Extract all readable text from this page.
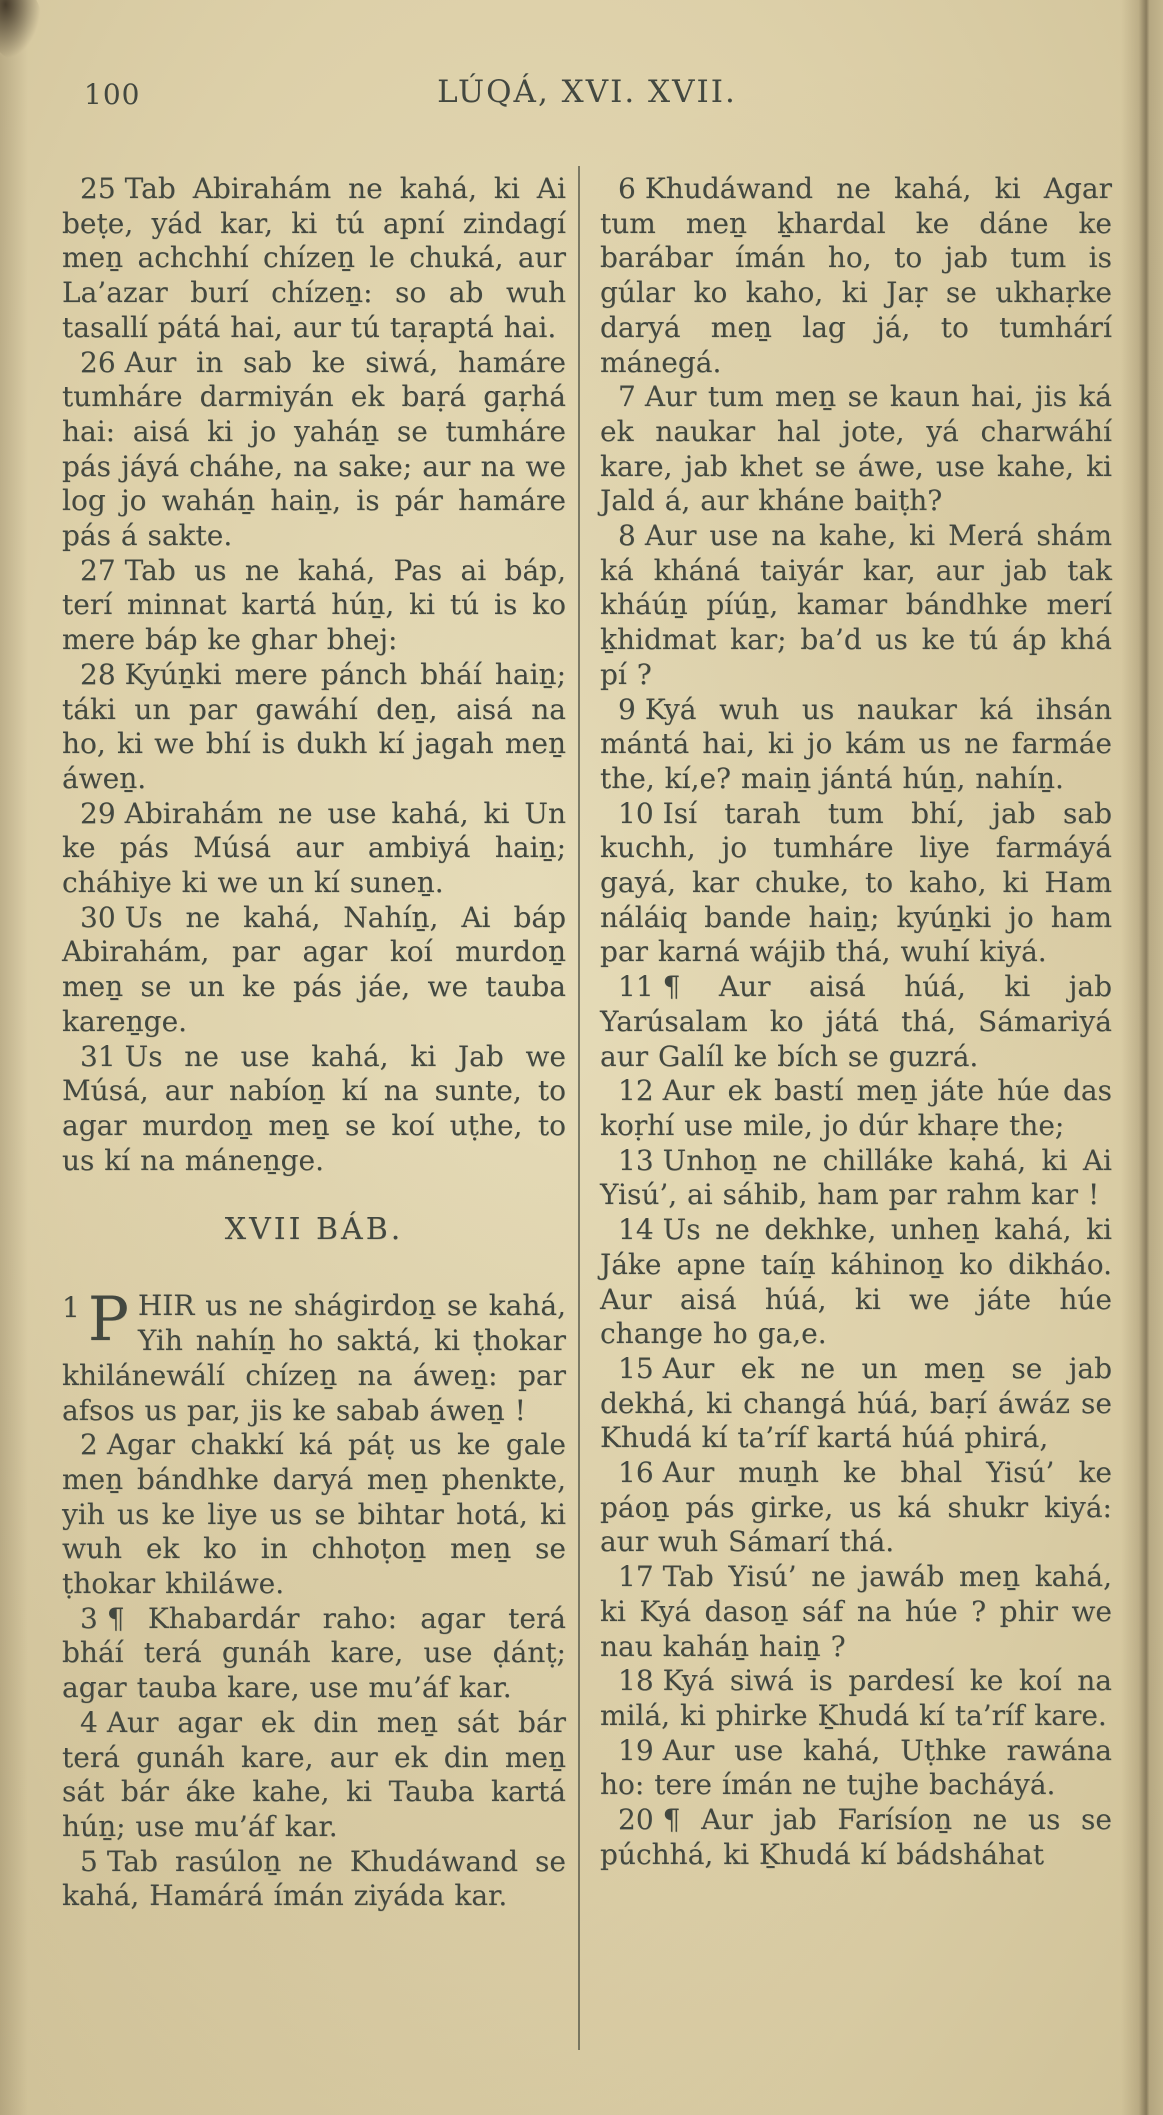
100	LÚQÁ, XVI. XVII.

25 Tab Abirahám ne kahá, ki Ai beṭe, yád kar, ki tú apní zindagí meṉ achchhí chízeṉ le chuká, aur La’azar burí chízeṉ: so ab wuh tasallí pátá hai, aur tú taṛaptá hai.

26 Aur in sab ke siwá, hamáre tumháre darmiyán ek baṛá gaṛhá hai: aisá ki jo yaháṉ se tumháre pás jáyá cháhe, na sake; aur na we log jo waháṉ haiṉ, is pár hamáre pás á sakte.

27 Tab us ne kahá, Pas ai báp, terí minnat kartá húṉ, ki tú is ko mere báp ke ghar bhej:

28 Kyúṉki mere pánch bháí haiṉ; táki un par gawáhí deṉ, aisá na ho, ki we bhí is dukh kí jagah meṉ áweṉ.

29 Abirahám ne use kahá, ki Un ke pás Músá aur ambiyá haiṉ; cháhiye ki we un kí suneṉ.

30 Us ne kahá, Nahíṉ, Ai báp Abirahám, par agar koí murdoṉ meṉ se un ke pás jáe, we tauba kareṉge.

31 Us ne use kahá, ki Jab we Músá, aur nabíoṉ kí na sunte, to agar murdoṉ meṉ se koí uṭhe, to us kí na máneṉge.

XVII BÁB.

1 P HIR us ne shágirdoṉ se kahá, Yih nahíṉ ho saktá, ki ṭhokar khilánewálí chízeṉ na áweṉ: par afsos us par, jis ke sabab áweṉ !

2 Agar chakkí ká páṭ us ke gale meṉ bándhke daryá meṉ phenkte, yih us ke liye us se bihtar hotá, ki wuh ek ko in chhoṭoṉ meṉ se ṭhokar khiláwe.

3 ¶ Khabardár raho: agar terá bháí terá gunáh kare, use ḍánṭ; agar tauba kare, use mu’áf kar.

4 Aur agar ek din meṉ sát bár terá gunáh kare, aur ek din meṉ sát bár áke kahe, ki Tauba kartá húṉ; use mu’áf kar.

5 Tab rasúloṉ ne Khudáwand se kahá, Hamárá ímán ziyáda kar.

6 Khudáwand ne kahá, ki Agar tum meṉ ḵhardal ke dáne ke barábar ímán ho, to jab tum is gúlar ko kaho, ki Jaṛ se ukhaṛke daryá meṉ lag já, to tumhárí mánegá.

7 Aur tum meṉ se kaun hai, jis ká ek naukar hal jote, yá charwáhí kare, jab khet se áwe, use kahe, ki Jald á, aur kháne baiṭh?

8 Aur use na kahe, ki Merá shám ká kháná taiyár kar, aur jab tak kháúṉ píúṉ, kamar bándhke merí ḵhidmat kar; ba’d us ke tú áp khá pí ?

9 Kyá wuh us naukar ká ihsán mántá hai, ki jo kám us ne farmáe the, kí,e? maiṉ jántá húṉ, nahíṉ.

10 Isí tarah tum bhí, jab sab kuchh, jo tumháre liye farmáyá gayá, kar chuke, to kaho, ki Ham náláiq bande haiṉ; kyúṉki jo ham par karná wájib thá, wuhí kiyá.

11 ¶ Aur aisá húá, ki jab Yarúsalam ko játá thá, Sámariyá aur Galíl ke bích se guzrá.

12 Aur ek bastí meṉ játe húe das koṛhí use mile, jo dúr khaṛe the;

13 Unhoṉ ne chilláke kahá, ki Ai Yisú’, ai sáhib, ham par rahm kar !

14 Us ne dekhke, unheṉ kahá, ki Jáke apne taíṉ káhinoṉ ko dikháo. Aur aisá húá, ki we játe húe change ho ga,e.

15 Aur ek ne un meṉ se jab dekhá, ki changá húá, baṛí áwáz se Khudá kí ta’ríf kartá húá phirá,

16 Aur muṉh ke bhal Yisú’ ke páoṉ pás girke, us ká shukr kiyá: aur wuh Sámarí thá.

17 Tab Yisú’ ne jawáb meṉ kahá, ki Kyá dasoṉ sáf na húe ? phir we nau kaháṉ haiṉ ?

18 Kyá siwá is pardesí ke koí na milá, ki phirke Ḵhudá kí ta’ríf kare.

19 Aur use kahá, Uṭhke rawána ho: tere ímán ne tujhe bacháyá.

20 ¶ Aur jab Farísíoṉ ne us se púchhá, ki Ḵhudá kí bádsháhat
